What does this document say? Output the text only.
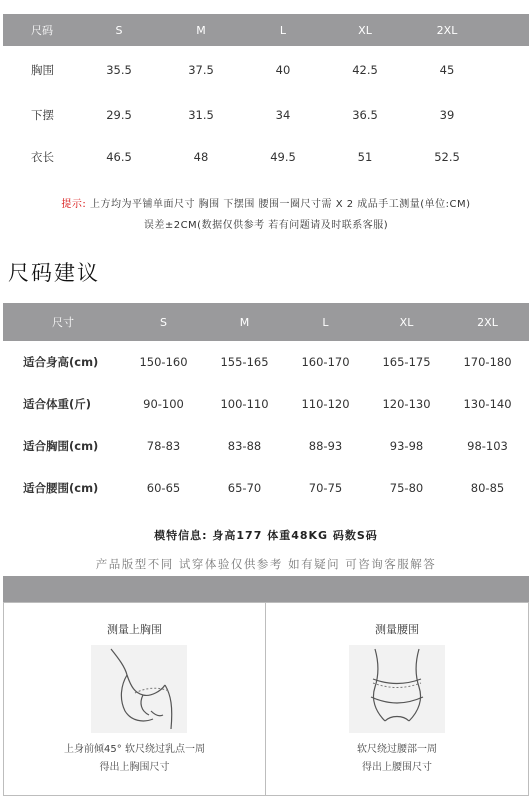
尺码	S	M	L	XL	2XL
胸围	35.5	37.5	40	42.5	45
下摆	29.5	31.5	34	36.5	39
衣长	46.5	48	49.5	51	52.5
提示: 上方均为平铺单面尺寸 胸围 下摆围 腰围一圈尺寸需 X 2 成品手工测量(单位:CM)
误差±2CM(数据仅供参考 若有问题请及时联系客服)
尺码建议
尺寸	S	M	L	XL	2XL
适合身高(cm)	150-160	155-165	160-170	165-175	170-180
适合体重(斤)	90-100	100-110	110-120	120-130	130-140
适合胸围(cm)	78-83	83-88	88-93	93-98	98-103
适合腰围(cm)	60-65	65-70	70-75	75-80	80-85
模特信息: 身高177 体重48KG 码数S码
产品版型不同 试穿体验仅供参考 如有疑问 可咨询客服解答
测量上胸围
上身前倾45° 软尺绕过乳点一周
得出上胸围尺寸
测量腰围
软尺绕过腰部一周
得出上腰围尺寸
